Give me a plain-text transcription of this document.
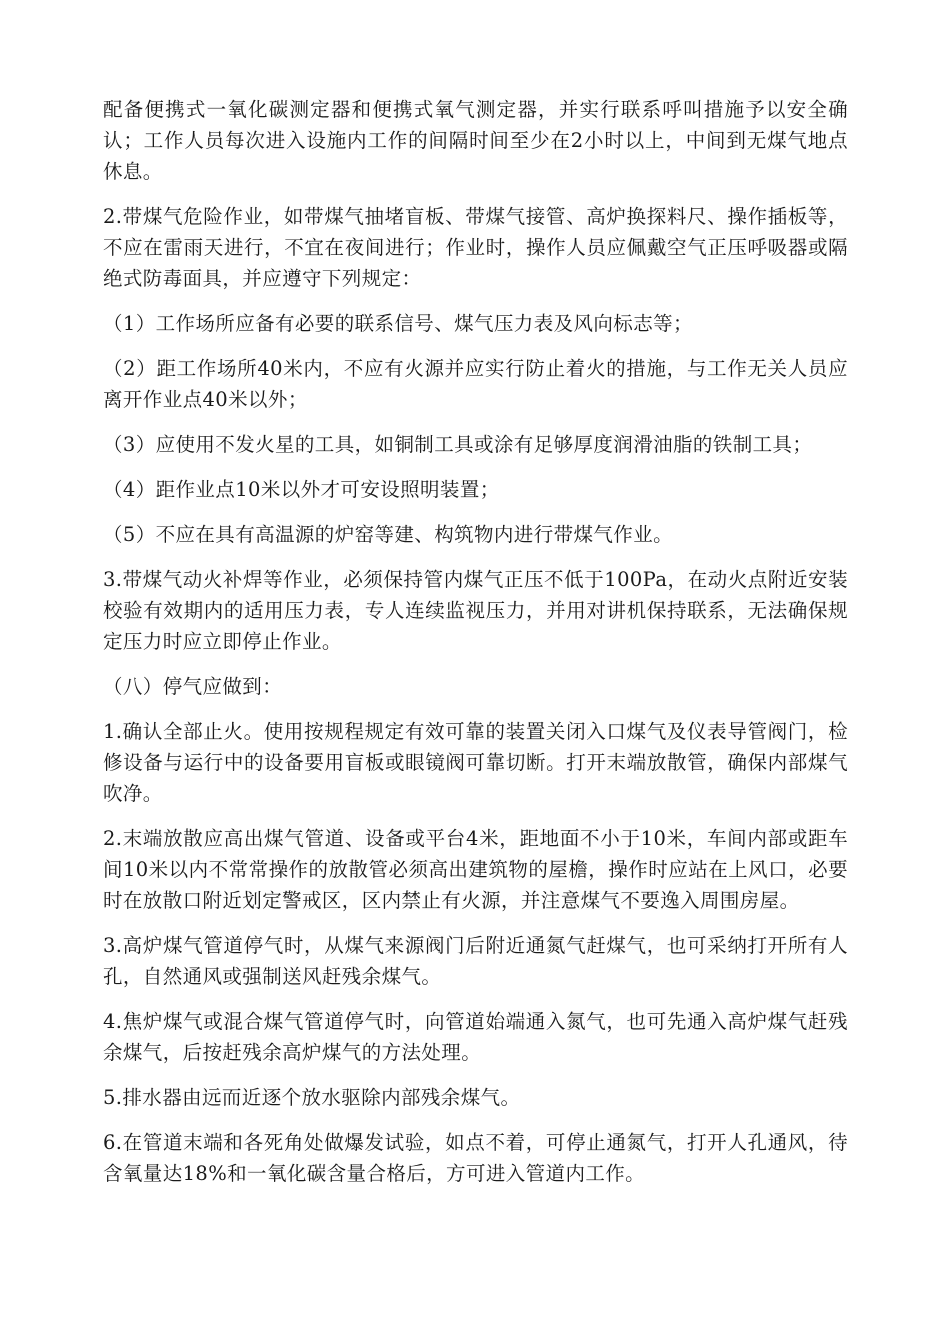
配备便携式一氧化碳测定器和便携式氧气测定器，并实行联系呼叫措施予以安全确认；工作人员每次进入设施内工作的间隔时间至少在2小时以上，中间到无煤气地点休息。

2.带煤气危险作业，如带煤气抽堵盲板、带煤气接管、高炉换探料尺、操作插板等，不应在雷雨天进行，不宜在夜间进行；作业时，操作人员应佩戴空气正压呼吸器或隔绝式防毒面具，并应遵守下列规定：

（1）工作场所应备有必要的联系信号、煤气压力表及风向标志等；

（2）距工作场所40米内，不应有火源并应实行防止着火的措施，与工作无关人员应离开作业点40米以外；

（3）应使用不发火星的工具，如铜制工具或涂有足够厚度润滑油脂的铁制工具；

（4）距作业点10米以外才可安设照明装置；

（5）不应在具有高温源的炉窑等建、构筑物内进行带煤气作业。

3.带煤气动火补焊等作业，必须保持管内煤气正压不低于100Pa，在动火点附近安装校验有效期内的适用压力表，专人连续监视压力，并用对讲机保持联系，无法确保规定压力时应立即停止作业。

（八）停气应做到：

1.确认全部止火。使用按规程规定有效可靠的装置关闭入口煤气及仪表导管阀门，检修设备与运行中的设备要用盲板或眼镜阀可靠切断。打开末端放散管，确保内部煤气吹净。

2.末端放散应高出煤气管道、设备或平台4米，距地面不小于10米，车间内部或距车间10米以内不常常操作的放散管必须高出建筑物的屋檐，操作时应站在上风口，必要时在放散口附近划定警戒区，区内禁止有火源，并注意煤气不要逸入周围房屋。

3.高炉煤气管道停气时，从煤气来源阀门后附近通氮气赶煤气，也可采纳打开所有人孔，自然通风或强制送风赶残余煤气。

4.焦炉煤气或混合煤气管道停气时，向管道始端通入氮气，也可先通入高炉煤气赶残余煤气，后按赶残余高炉煤气的方法处理。

5.排水器由远而近逐个放水驱除内部残余煤气。

6.在管道末端和各死角处做爆发试验，如点不着，可停止通氮气，打开人孔通风，待含氧量达18%和一氧化碳含量合格后，方可进入管道内工作。
